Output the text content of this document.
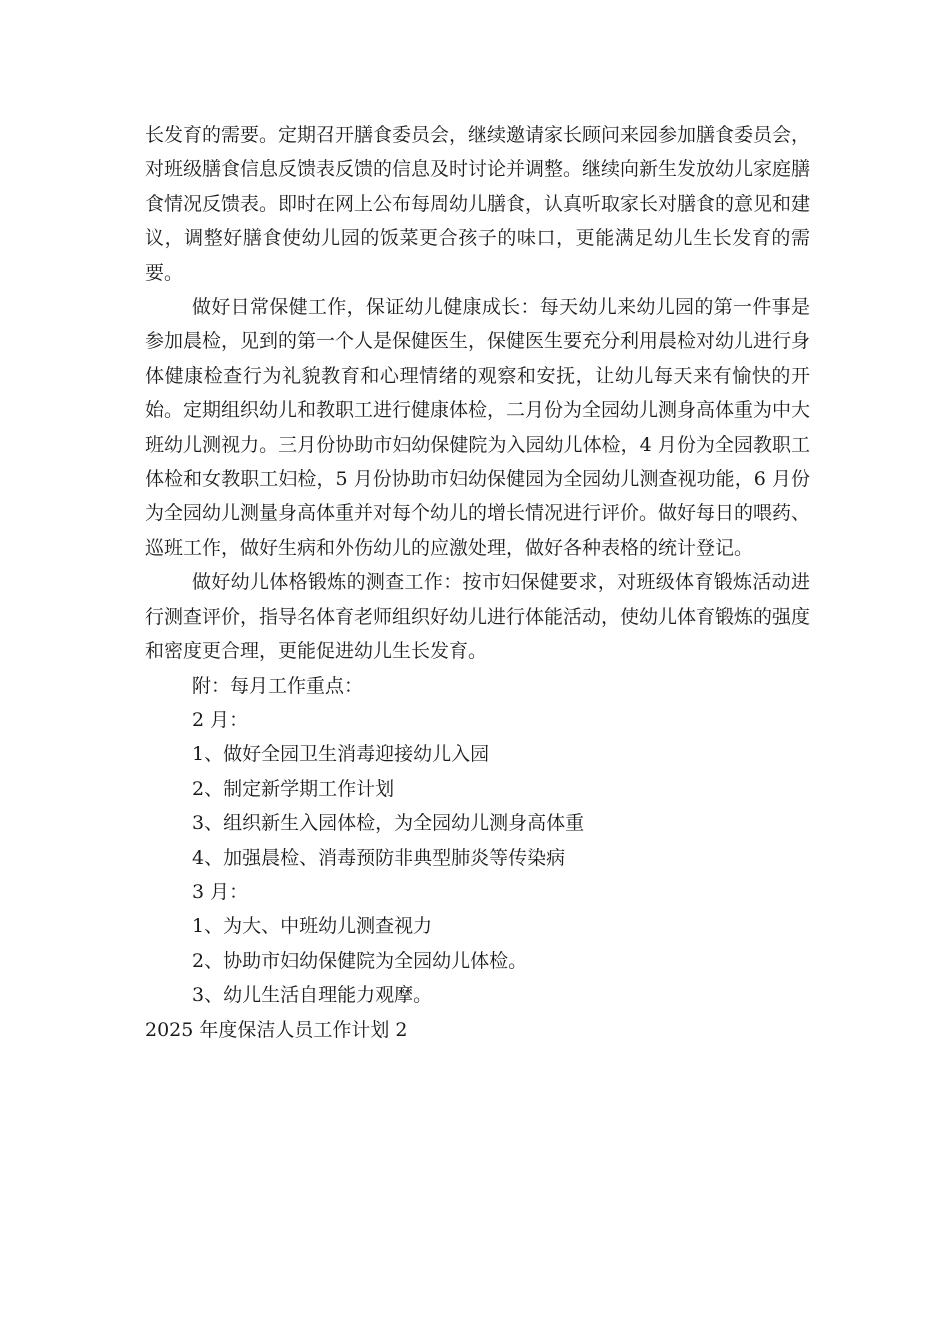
长发育的需要。定期召开膳食委员会，继续邀请家长顾问来园参加膳食委员会，对班级膳食信息反馈表反馈的信息及时讨论并调整。继续向新生发放幼儿家庭膳食情况反馈表。即时在网上公布每周幼儿膳食，认真听取家长对膳食的意见和建议，调整好膳食使幼儿园的饭菜更合孩子的味口，更能满足幼儿生长发育的需要。

做好日常保健工作，保证幼儿健康成长：每天幼儿来幼儿园的第一件事是参加晨检，见到的第一个人是保健医生，保健医生要充分利用晨检对幼儿进行身体健康检查行为礼貌教育和心理情绪的观察和安抚，让幼儿每天来有愉快的开始。定期组织幼儿和教职工进行健康体检，二月份为全园幼儿测身高体重为中大班幼儿测视力。三月份协助市妇幼保健院为入园幼儿体检，4 月份为全园教职工体检和女教职工妇检，5 月份协助市妇幼保健园为全园幼儿测查视功能，6 月份为全园幼儿测量身高体重并对每个幼儿的增长情况进行评价。做好每日的喂药、巡班工作，做好生病和外伤幼儿的应激处理，做好各种表格的统计登记。

做好幼儿体格锻炼的测查工作：按市妇保健要求，对班级体育锻炼活动进行测查评价，指导名体育老师组织好幼儿进行体能活动，使幼儿体育锻炼的强度和密度更合理，更能促进幼儿生长发育。

附：每月工作重点：

2 月：

1、做好全园卫生消毒迎接幼儿入园

2、制定新学期工作计划

3、组织新生入园体检，为全园幼儿测身高体重

4、加强晨检、消毒预防非典型肺炎等传染病

3 月：

1、为大、中班幼儿测查视力

2、协助市妇幼保健院为全园幼儿体检。

3、幼儿生活自理能力观摩。

2025 年度保洁人员工作计划 2
